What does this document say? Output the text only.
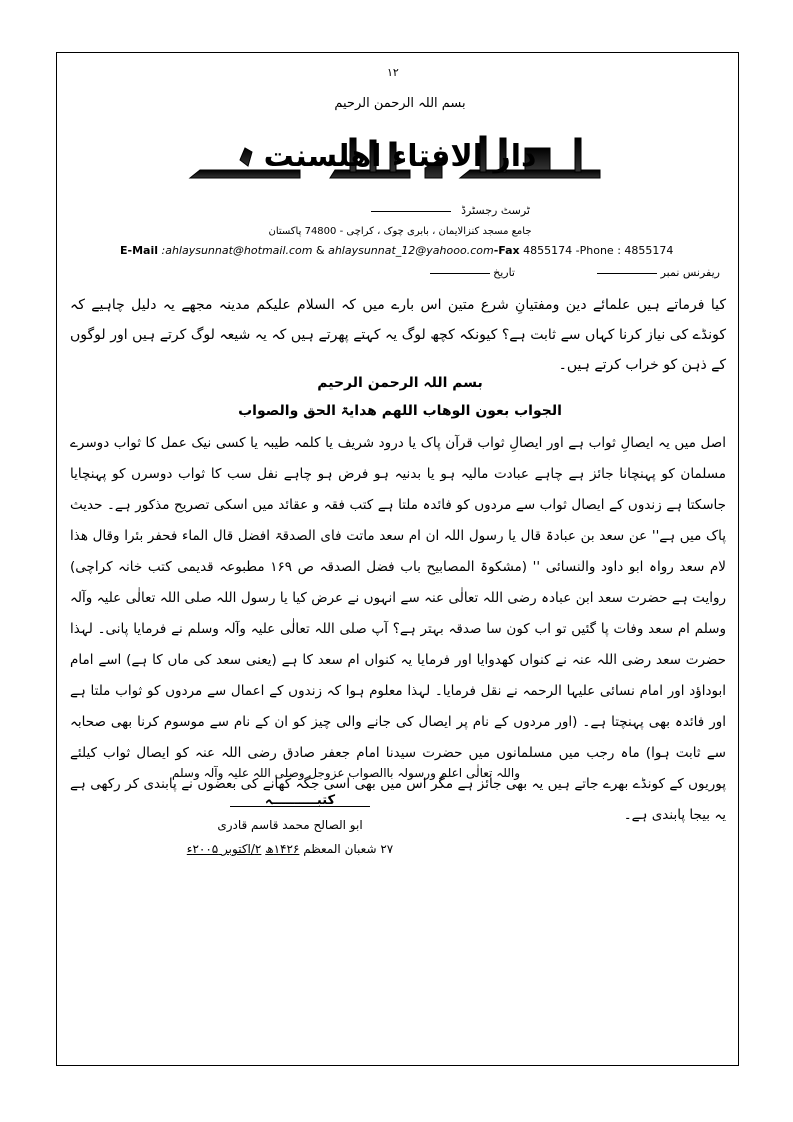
۱۲
بسم اللہ الرحمن الرحیم
دار الافتاء اھلسنت
ٹرسٹ رجسٹرڈ
جامع مسجد کنزالایمان ، بابری چوک ، کراچی - 74800 پاکستان
E-Mail :ahlaysunnat@hotmail.com & ahlaysunnat_12@yahooo.com-Fax 4855174 -Phone : 4855174
ریفرنس نمبر
تاریخ
کیا فرماتے ہیں علمائے دین ومفتیانِ شرع متین اس بارے میں کہ السلام علیکم مدینہ مجھے یہ دلیل چاہیے کہ کونڈے کی نیاز کرنا کہاں سے ثابت ہے؟ کیونکہ کچھ لوگ یہ کہتے پھرتے ہیں کہ یہ شیعہ لوگ کرتے ہیں اور لوگوں کے ذہن کو خراب کرتے ہیں۔
بسم اللہ الرحمن الرحیم
الجواب بعون الوھاب اللھم ھدایۃ الحق والصواب
اصل میں یہ ایصالِ ثواب ہے اور ایصالِ ثواب قرآن پاک یا درود شریف یا کلمہ طیبہ یا کسی نیک عمل کا ثواب دوسرے مسلمان کو پہنچانا جائز ہے چاہے عبادت مالیہ ہو یا بدنیہ ہو فرض ہو چاہے نفل سب کا ثواب دوسرں کو پہنچایا جاسکتا ہے زندوں کے ایصال ثواب سے مردوں کو فائدہ ملتا ہے کتب فقہ و عقائد میں اسکی تصریح مذکور ہے۔ حدیث پاک میں ہے'' عن سعد بن عبادۃ قال یا رسول اللہ ان ام سعد ماتت فای الصدقۃ افضل قال الماء فحفر بئرا وقال ھذا لام سعد رواہ ابو داود والنسائی '' (مشکوۃ المصابیح باب فضل الصدقہ ص ۱۶۹ مطبوعہ قدیمی کتب خانہ کراچی) روایت ہے حضرت سعد ابن عبادہ رضی اللہ تعالٰی عنہ سے انہوں نے عرض کیا یا رسول اللہ صلی اللہ تعالٰی علیہ وآلہ وسلم ام سعد وفات پا گئیں تو اب کون سا صدقہ بہتر ہے؟ آپ صلی اللہ تعالٰی علیہ وآلہ وسلم نے فرمایا پانی۔ لہذا حضرت سعد رضی اللہ عنہ نے کنواں کھدوایا اور فرمایا یہ کنواں ام سعد کا ہے (یعنی سعد کی ماں کا ہے) اسے امام ابوداؤد اور امام نسائی علیہا الرحمہ نے نقل فرمایا۔ لہذا معلوم ہوا کہ زندوں کے اعمال سے مردوں کو ثواب ملتا ہے اور فائدہ بھی پہنچتا ہے۔ (اور مردوں کے نام پر ایصال کی جانے والی چیز کو ان کے نام سے موسوم کرنا بھی صحابہ سے ثابت ہوا) ماہ رجب میں مسلمانوں میں حضرت سیدنا امام جعفر صادق رضی اللہ عنہ کو ایصال ثواب کیلئے پوریوں کے کونڈے بھرے جاتے ہیں یہ بھی جائز ہے مگر اس میں بھی اسی جگہ کھانے کی بعضوں نے پابندی کر رکھی ہے یہ بیجا پابندی ہے۔
واللہ تعالٰی اعلم ورسولہ باالصواب عزوجل وصلی اللہ علیہ وآلہ وسلم
کتبــــــــــہ
ابو الصالح محمد قاسم قادری
۲۷ شعبان المعظم ۱۴۲۶ھ ۲/اکتوبر ۲۰۰۵ء
